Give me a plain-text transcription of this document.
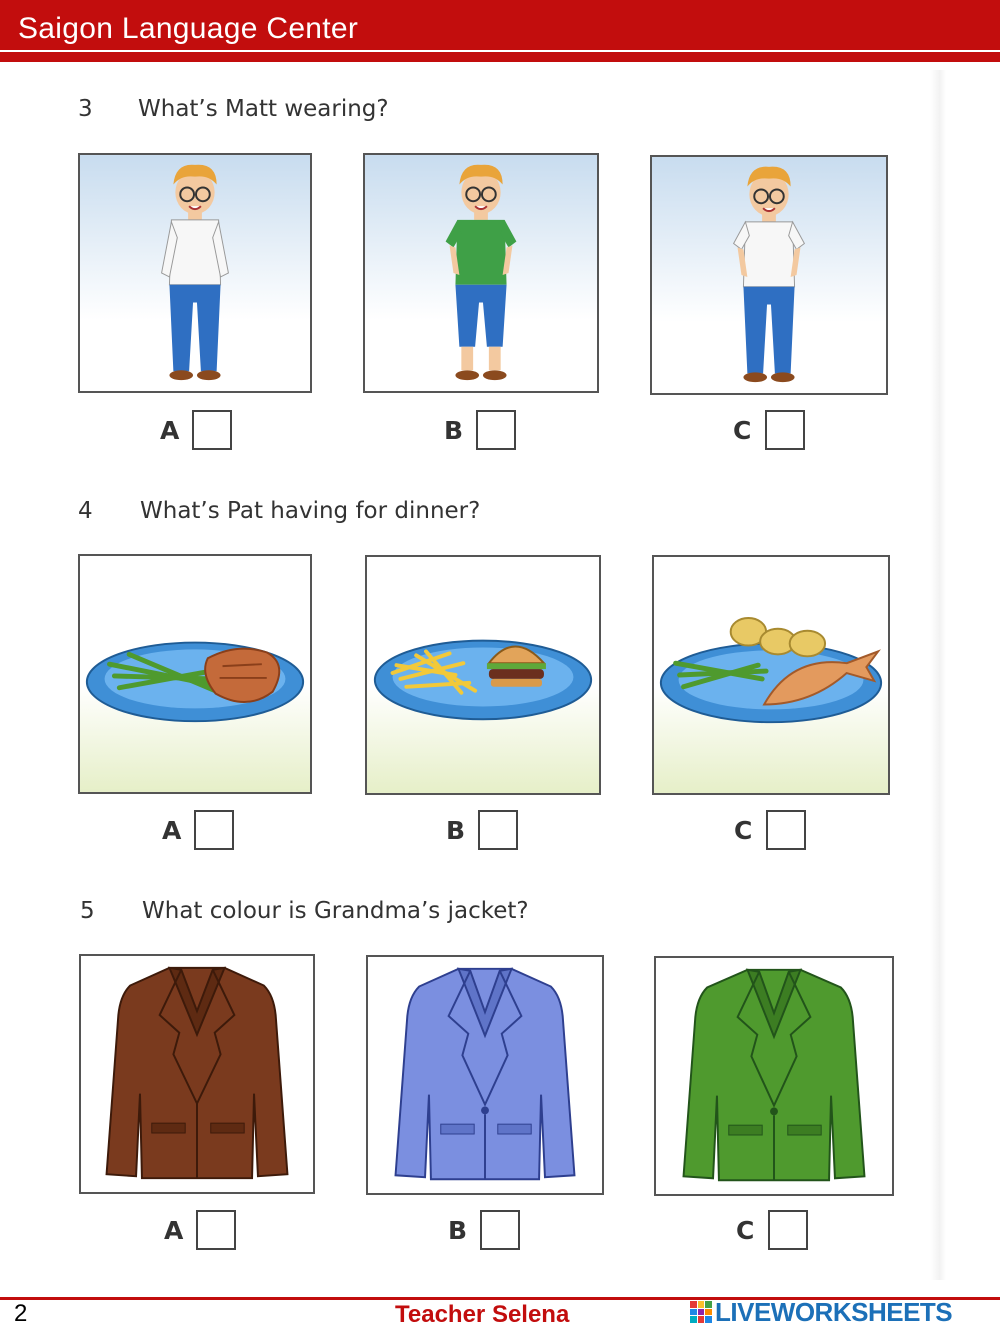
Saigon Language Center
3 What’s Matt wearing?
A	B	C
4 What’s Pat having for dinner?
A	B	C
5 What colour is Grandma’s jacket?
A	B	C
2	Teacher Selena	LIVEWORKSHEETS
